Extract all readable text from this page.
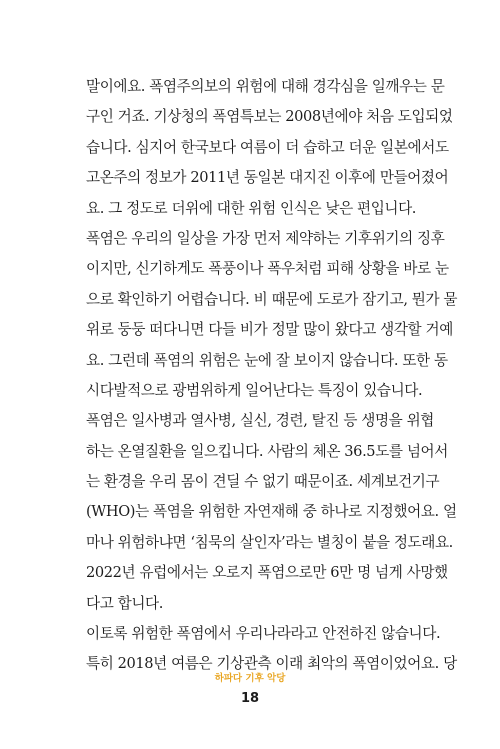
말이에요. 폭염주의보의 위험에 대해 경각심을 일깨우는 문
구인 거죠. 기상청의 폭염특보는 2008년에야 처음 도입되었
습니다. 심지어 한국보다 여름이 더 습하고 더운 일본에서도
고온주의 정보가 2011년 동일본 대지진 이후에 만들어졌어
요. 그 정도로 더위에 대한 위험 인식은 낮은 편입니다.
폭염은 우리의 일상을 가장 먼저 제약하는 기후위기의 징후
이지만, 신기하게도 폭풍이나 폭우처럼 피해 상황을 바로 눈
으로 확인하기 어렵습니다. 비 때문에 도로가 잠기고, 뭔가 물
위로 둥둥 떠다니면 다들 비가 정말 많이 왔다고 생각할 거예
요. 그런데 폭염의 위험은 눈에 잘 보이지 않습니다. 또한 동
시다발적으로 광범위하게 일어난다는 특징이 있습니다.
폭염은 일사병과 열사병, 실신, 경련, 탈진 등 생명을 위협
하는 온열질환을 일으킵니다. 사람의 체온 36.5도를 넘어서
는 환경을 우리 몸이 견딜 수 없기 때문이죠. 세계보건기구
(WHO)는 폭염을 위험한 자연재해 중 하나로 지정했어요. 얼
마나 위험하냐면 ‘침묵의 살인자’라는 별칭이 붙을 정도래요.
2022년 유럽에서는 오로지 폭염으로만 6만 명 넘게 사망했
다고 합니다.
이토록 위험한 폭염에서 우리나라라고 안전하진 않습니다.
특히 2018년 여름은 기상관측 이래 최악의 폭염이었어요. 당
하파다 기후 악당
18
